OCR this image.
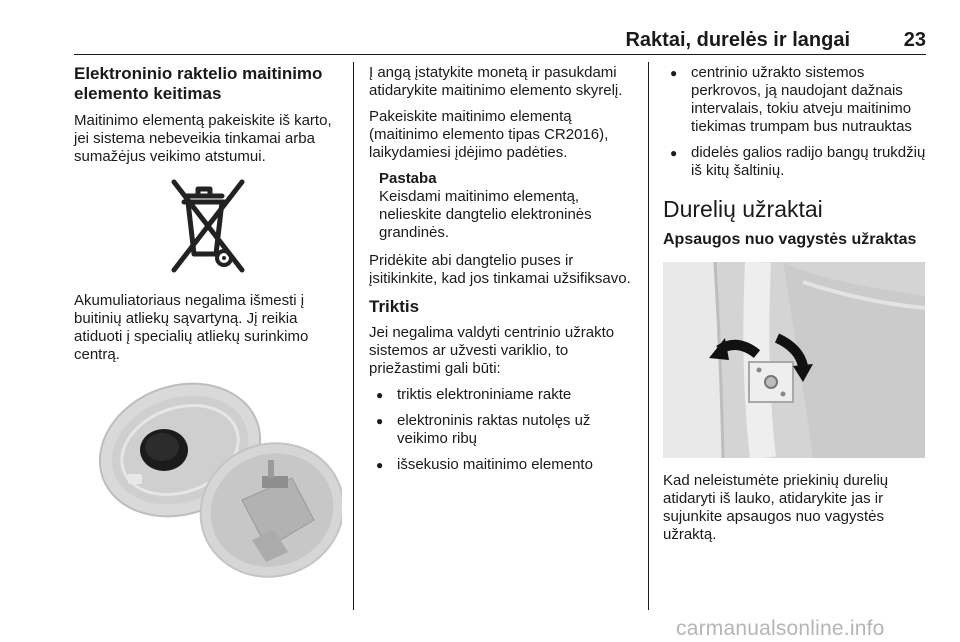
Raktai, durelės ir langai	23
Elektroninio raktelio maitinimo elemento keitimas

Maitinimo elementą pakeiskite iš karto, jei sistema nebeveikia tinkamai arba sumažėjus veikimo atstumui.

Akumuliatoriaus negalima išmesti į buitinių atliekų sąvartyną. Jį reikia atiduoti į specialių atliekų surinkimo centrą.

Į angą įstatykite monetą ir pasukdami atidarykite maitinimo elemento skyrelį.

Pakeiskite maitinimo elementą (maitinimo elemento tipas CR2016), laikydamiesi įdėjimo padėties.

Pastaba
Keisdami maitinimo elementą, nelieskite dangtelio elektroninės grandinės.

Pridėkite abi dangtelio puses ir įsitikinkite, kad jos tinkamai užsifiksavo.

Triktis

Jei negalima valdyti centrinio užrakto sistemos ar užvesti variklio, to priežastimi gali būti:

● triktis elektroniniame rakte
● elektroninis raktas nutolęs už veikimo ribų
● išsekusio maitinimo elemento
● centrinio užrakto sistemos perkrovos, ją naudojant dažnais intervalais, tokiu atveju maitinimo tiekimas trumpam bus nutrauktas
● didelės galios radijo bangų trukdžių iš kitų šaltinių.
Durelių užraktai
Apsaugos nuo vagystės užraktas

Kad neleistumėte priekinių durelių atidaryti iš lauko, atidarykite jas ir sujunkite apsaugos nuo vagystės užraktą.

carmanualsonline.info
